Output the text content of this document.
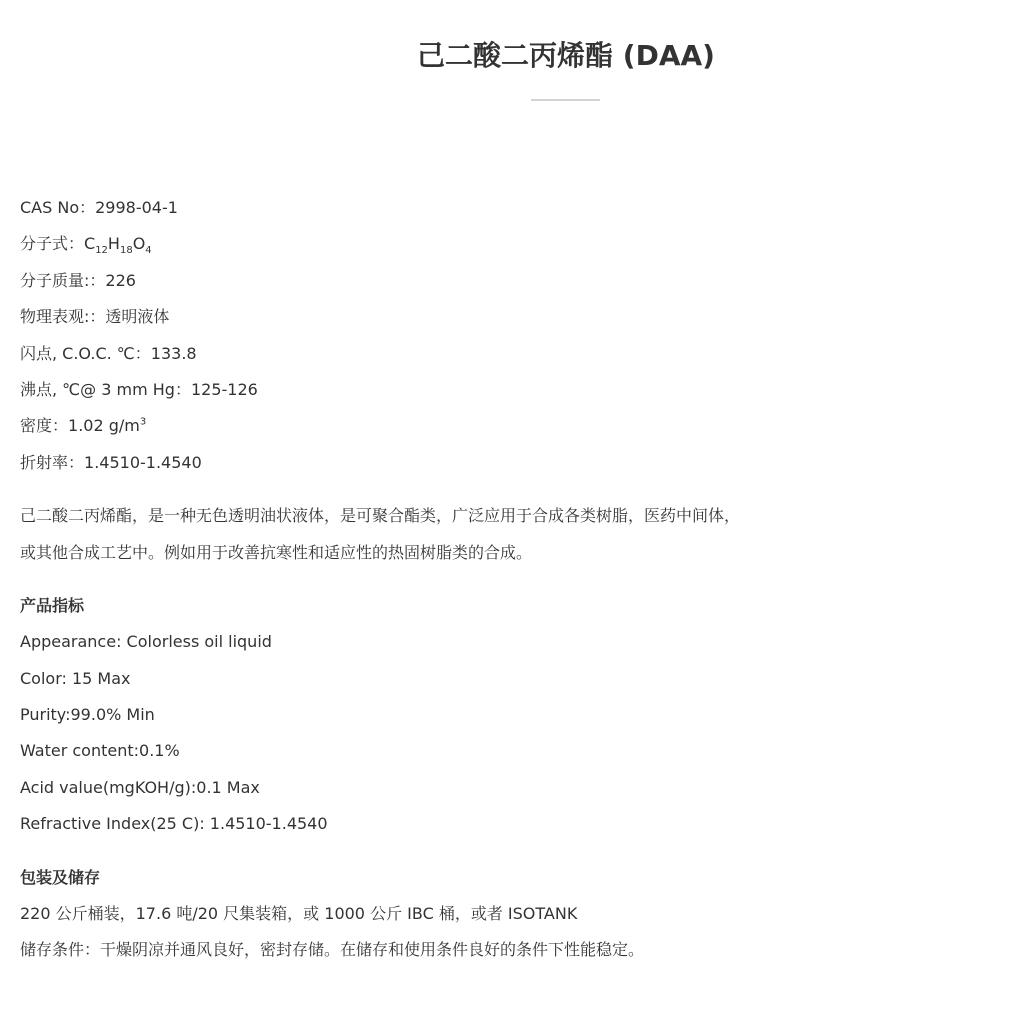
己二酸二丙烯酯 (DAA)
CAS No：2998-04-1
分子式：$C_{12}H_{18}O_4$
分子质量:：226
物理表观:：透明液体
闪点, C.O.C. ℃：133.8
沸点, ℃@ 3 mm Hg：125-126
密度：1.02 $g/m^3$
折射率：1.4510-1.4540
己二酸二丙烯酯，是一种无色透明油状液体，是可聚合酯类，广泛应用于合成各类树脂，医药中间体，
或其他合成工艺中。例如用于改善抗寒性和适应性的热固树脂类的合成。
产品指标
Appearance: Colorless oil liquid
Color: 15 Max
Purity:99.0% Min
Water content:0.1%
Acid value(mgKOH/g):0.1 Max
Refractive Index(25 C): 1.4510-1.4540
包装及储存
220 公斤桶装，17.6 吨/20 尺集装箱，或 1000 公斤 IBC 桶，或者 ISOTANK
储存条件：干燥阴凉并通风良好，密封存储。在储存和使用条件良好的条件下性能稳定。
